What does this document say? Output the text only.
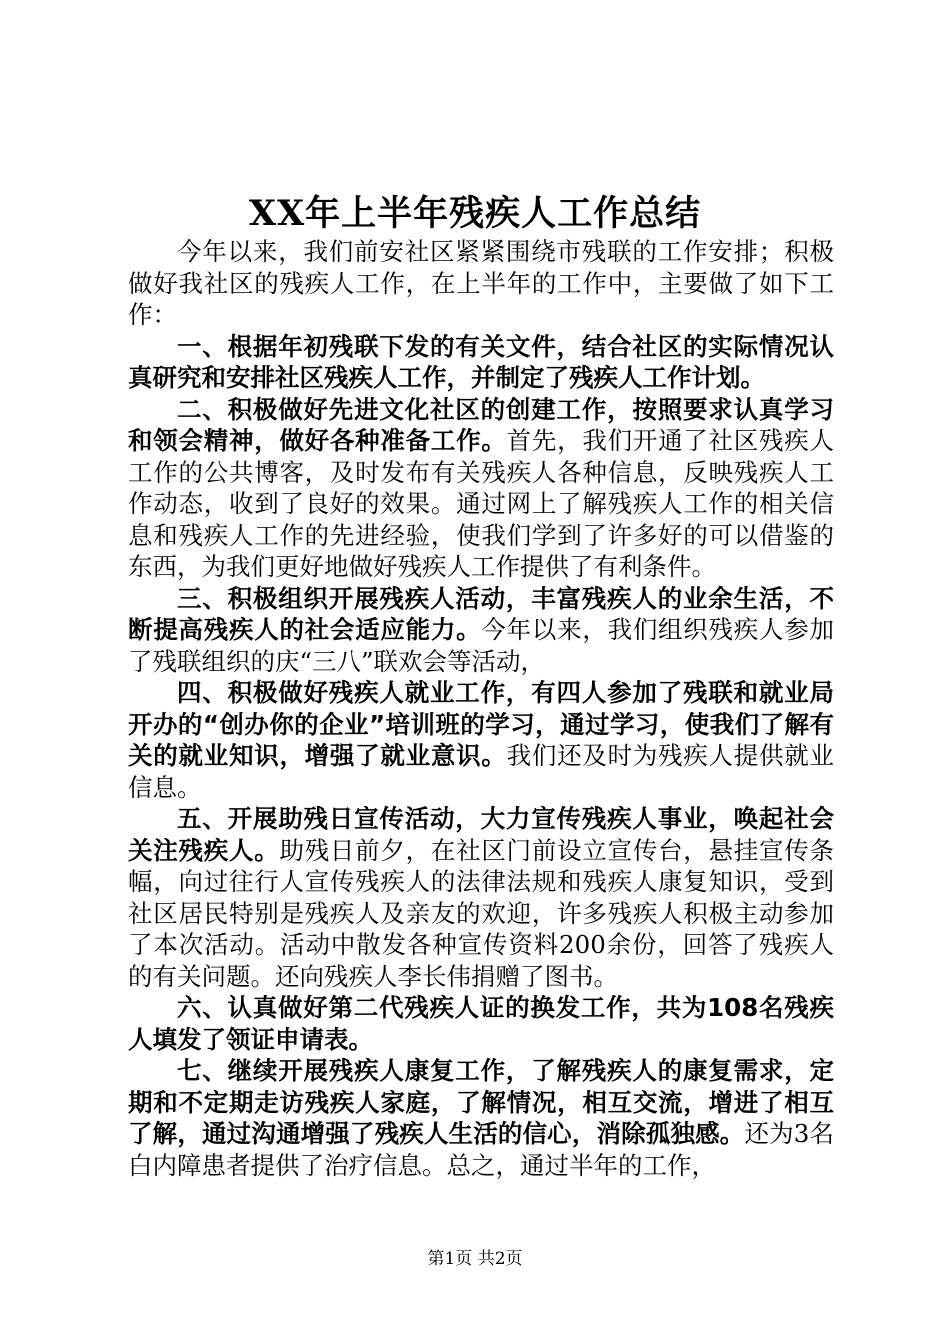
XX年上半年残疾人工作总结

今年以来，我们前安社区紧紧围绕市残联的工作安排；积极做好我社区的残疾人工作，在上半年的工作中，主要做了如下工作：

一、根据年初残联下发的有关文件，结合社区的实际情况认真研究和安排社区残疾人工作，并制定了残疾人工作计划。

二、积极做好先进文化社区的创建工作，按照要求认真学习和领会精神，做好各种准备工作。首先，我们开通了社区残疾人工作的公共博客，及时发布有关残疾人各种信息，反映残疾人工作动态，收到了良好的效果。通过网上了解残疾人工作的相关信息和残疾人工作的先进经验，使我们学到了许多好的可以借鉴的东西，为我们更好地做好残疾人工作提供了有利条件。

三、积极组织开展残疾人活动，丰富残疾人的业余生活，不断提高残疾人的社会适应能力。今年以来，我们组织残疾人参加了残联组织的庆“三八”联欢会等活动，

四、积极做好残疾人就业工作，有四人参加了残联和就业局开办的“创办你的企业”培训班的学习，通过学习，使我们了解有关的就业知识，增强了就业意识。我们还及时为残疾人提供就业信息。

五、开展助残日宣传活动，大力宣传残疾人事业，唤起社会关注残疾人。助残日前夕，在社区门前设立宣传台，悬挂宣传条幅，向过往行人宣传残疾人的法律法规和残疾人康复知识，受到社区居民特别是残疾人及亲友的欢迎，许多残疾人积极主动参加了本次活动。活动中散发各种宣传资料200余份，回答了残疾人的有关问题。还向残疾人李长伟捐赠了图书。

六、认真做好第二代残疾人证的换发工作，共为108名残疾人填发了领证申请表。

七、继续开展残疾人康复工作，了解残疾人的康复需求，定期和不定期走访残疾人家庭，了解情况，相互交流，增进了相互了解，通过沟通增强了残疾人生活的信心，消除孤独感。还为3名白内障患者提供了治疗信息。总之，通过半年的工作，

第1页 共2页
